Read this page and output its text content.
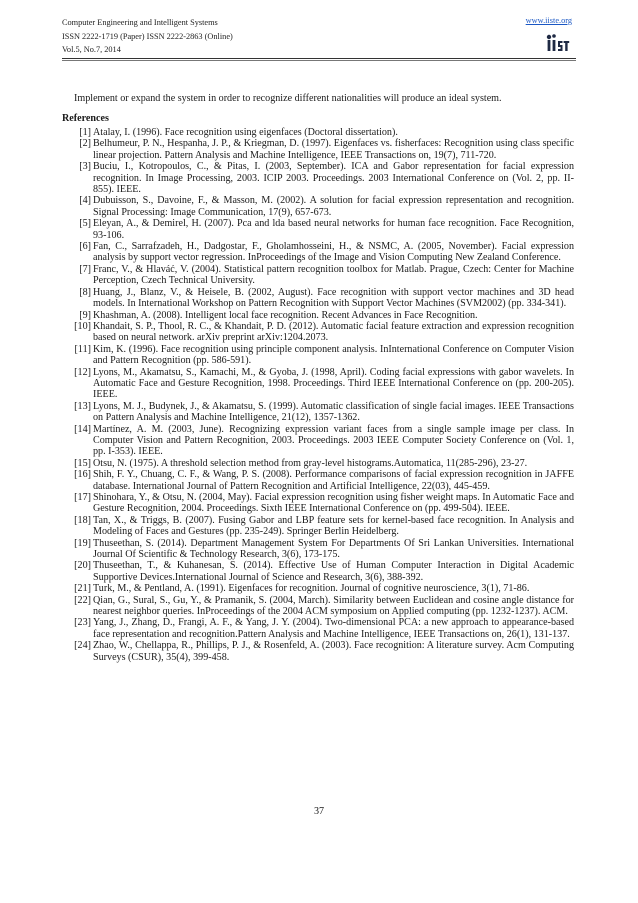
Computer Engineering and Intelligent Systems
ISSN 2222-1719 (Paper) ISSN 2222-2863 (Online)
Vol.5, No.7, 2014
www.iiste.org
Implement or expand the system in order to recognize different nationalities will produce an ideal system.
References
[1] Atalay, I. (1996). Face recognition using eigenfaces (Doctoral dissertation).
[2] Belhumeur, P. N., Hespanha, J. P., & Kriegman, D. (1997). Eigenfaces vs. fisherfaces: Recognition using class specific linear projection. Pattern Analysis and Machine Intelligence, IEEE Transactions on, 19(7), 711-720.
[3] Buciu, I., Kotropoulos, C., & Pitas, I. (2003, September). ICA and Gabor representation for facial expression recognition. In Image Processing, 2003. ICIP 2003. Proceedings. 2003 International Conference on (Vol. 2, pp. II-855). IEEE.
[4] Dubuisson, S., Davoine, F., & Masson, M. (2002). A solution for facial expression representation and recognition. Signal Processing: Image Communication, 17(9), 657-673.
[5] Eleyan, A., & Demirel, H. (2007). Pca and lda based neural networks for human face recognition. Face Recognition, 93-106.
[6] Fan, C., Sarrafzadeh, H., Dadgostar, F., Gholamhosseini, H., & NSMC, A. (2005, November). Facial expression analysis by support vector regression. InProceedings of the Image and Vision Computing New Zealand Conference.
[7] Franc, V., & Hlaváć, V. (2004). Statistical pattern recognition toolbox for Matlab. Prague, Czech: Center for Machine Perception, Czech Technical University.
[8] Huang, J., Blanz, V., & Heisele, B. (2002, August). Face recognition with support vector machines and 3D head models. In International Workshop on Pattern Recognition with Support Vector Machines (SVM2002) (pp. 334-341).
[9] Khashman, A. (2008). Intelligent local face recognition. Recent Advances in Face Recognition.
[10] Khandait, S. P., Thool, R. C., & Khandait, P. D. (2012). Automatic facial feature extraction and expression recognition based on neural network. arXiv preprint arXiv:1204.2073.
[11] Kim, K. (1996). Face recognition using principle component analysis. InInternational Conference on Computer Vision and Pattern Recognition (pp. 586-591).
[12] Lyons, M., Akamatsu, S., Kamachi, M., & Gyoba, J. (1998, April). Coding facial expressions with gabor wavelets. In Automatic Face and Gesture Recognition, 1998. Proceedings. Third IEEE International Conference on (pp. 200-205). IEEE.
[13] Lyons, M. J., Budynek, J., & Akamatsu, S. (1999). Automatic classification of single facial images. IEEE Transactions on Pattern Analysis and Machine Intelligence, 21(12), 1357-1362.
[14] Martínez, A. M. (2003, June). Recognizing expression variant faces from a single sample image per class. In Computer Vision and Pattern Recognition, 2003. Proceedings. 2003 IEEE Computer Society Conference on (Vol. 1, pp. I-353). IEEE.
[15] Otsu, N. (1975). A threshold selection method from gray-level histograms.Automatica, 11(285-296), 23-27.
[16] Shih, F. Y., Chuang, C. F., & Wang, P. S. (2008). Performance comparisons of facial expression recognition in JAFFE database. International Journal of Pattern Recognition and Artificial Intelligence, 22(03), 445-459.
[17] Shinohara, Y., & Otsu, N. (2004, May). Facial expression recognition using fisher weight maps. In Automatic Face and Gesture Recognition, 2004. Proceedings. Sixth IEEE International Conference on (pp. 499-504). IEEE.
[18] Tan, X., & Triggs, B. (2007). Fusing Gabor and LBP feature sets for kernel-based face recognition. In Analysis and Modeling of Faces and Gestures (pp. 235-249). Springer Berlin Heidelberg.
[19] Thuseethan, S. (2014). Department Management System For Departments Of Sri Lankan Universities. International Journal Of Scientific & Technology Research, 3(6), 173-175.
[20] Thuseethan, T., & Kuhanesan, S. (2014). Effective Use of Human Computer Interaction in Digital Academic Supportive Devices.International Journal of Science and Research, 3(6), 388-392.
[21] Turk, M., & Pentland, A. (1991). Eigenfaces for recognition. Journal of cognitive neuroscience, 3(1), 71-86.
[22] Qian, G., Sural, S., Gu, Y., & Pramanik, S. (2004, March). Similarity between Euclidean and cosine angle distance for nearest neighbor queries. InProceedings of the 2004 ACM symposium on Applied computing (pp. 1232-1237). ACM.
[23] Yang, J., Zhang, D., Frangi, A. F., & Yang, J. Y. (2004). Two-dimensional PCA: a new approach to appearance-based face representation and recognition.Pattern Analysis and Machine Intelligence, IEEE Transactions on, 26(1), 131-137.
[24] Zhao, W., Chellappa, R., Phillips, P. J., & Rosenfeld, A. (2003). Face recognition: A literature survey. Acm Computing Surveys (CSUR), 35(4), 399-458.
37
